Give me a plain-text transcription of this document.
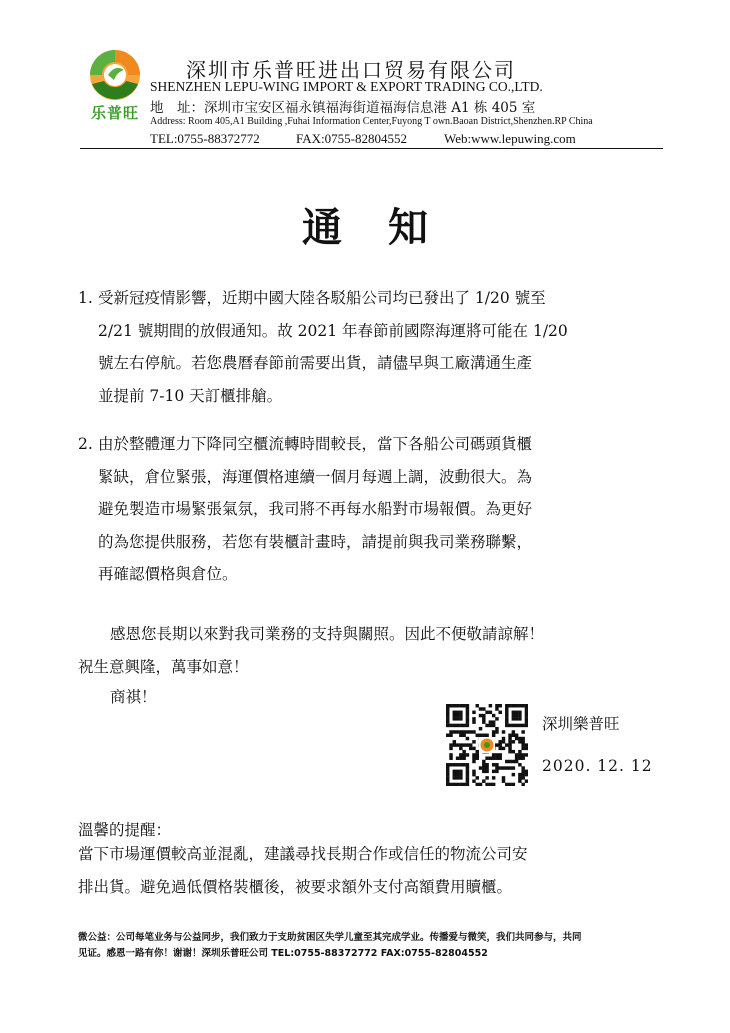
乐普旺
深圳市乐普旺进出口贸易有限公司
SHENZHEN LEPU-WING IMPORT & EXPORT TRADING CO.,LTD.
地　址：深圳市宝安区福永镇福海街道福海信息港 A1 栋 405 室
Address: Room 405,A1 Building ,Fuhai Information Center,Fuyong T own.Baoan District,Shenzhen.RP China
TEL:0755-88372772	FAX:0755-82804552	Web:www.lepuwing.com
通知
1. 受新冠疫情影響，近期中國大陸各駁船公司均已發出了 1/20 號至
2/21 號期間的放假通知。故 2021 年春節前國際海運將可能在 1/20
號左右停航。若您農曆春節前需要出貨，請儘早與工廠溝通生產
並提前 7-10 天訂櫃排艙。
2. 由於整體運力下降同空櫃流轉時間較長，當下各船公司碼頭貨櫃
緊缺，倉位緊張，海運價格連續一個月每週上調，波動很大。為
避免製造市場緊張氣氛，我司將不再每水船對市場報價。為更好
的為您提供服務，若您有裝櫃計畫時，請提前與我司業務聯繫，
再確認價格與倉位。
感恩您長期以來對我司業務的支持與關照。因此不便敬請諒解！
祝生意興隆，萬事如意！
商祺！
深圳樂普旺
2020. 12. 12
溫馨的提醒：
當下市場運價較高並混亂，建議尋找長期合作或信任的物流公司安
排出貨。避免過低價格裝櫃後，被要求額外支付高額費用贖櫃。
微公益：公司每笔业务与公益同步，我们致力于支助贫困区失学儿童至其完成学业。传播爱与微笑，我们共同参与，共同
见证。感恩一路有你！谢谢！深圳乐普旺公司 TEL:0755-88372772 FAX:0755-82804552
